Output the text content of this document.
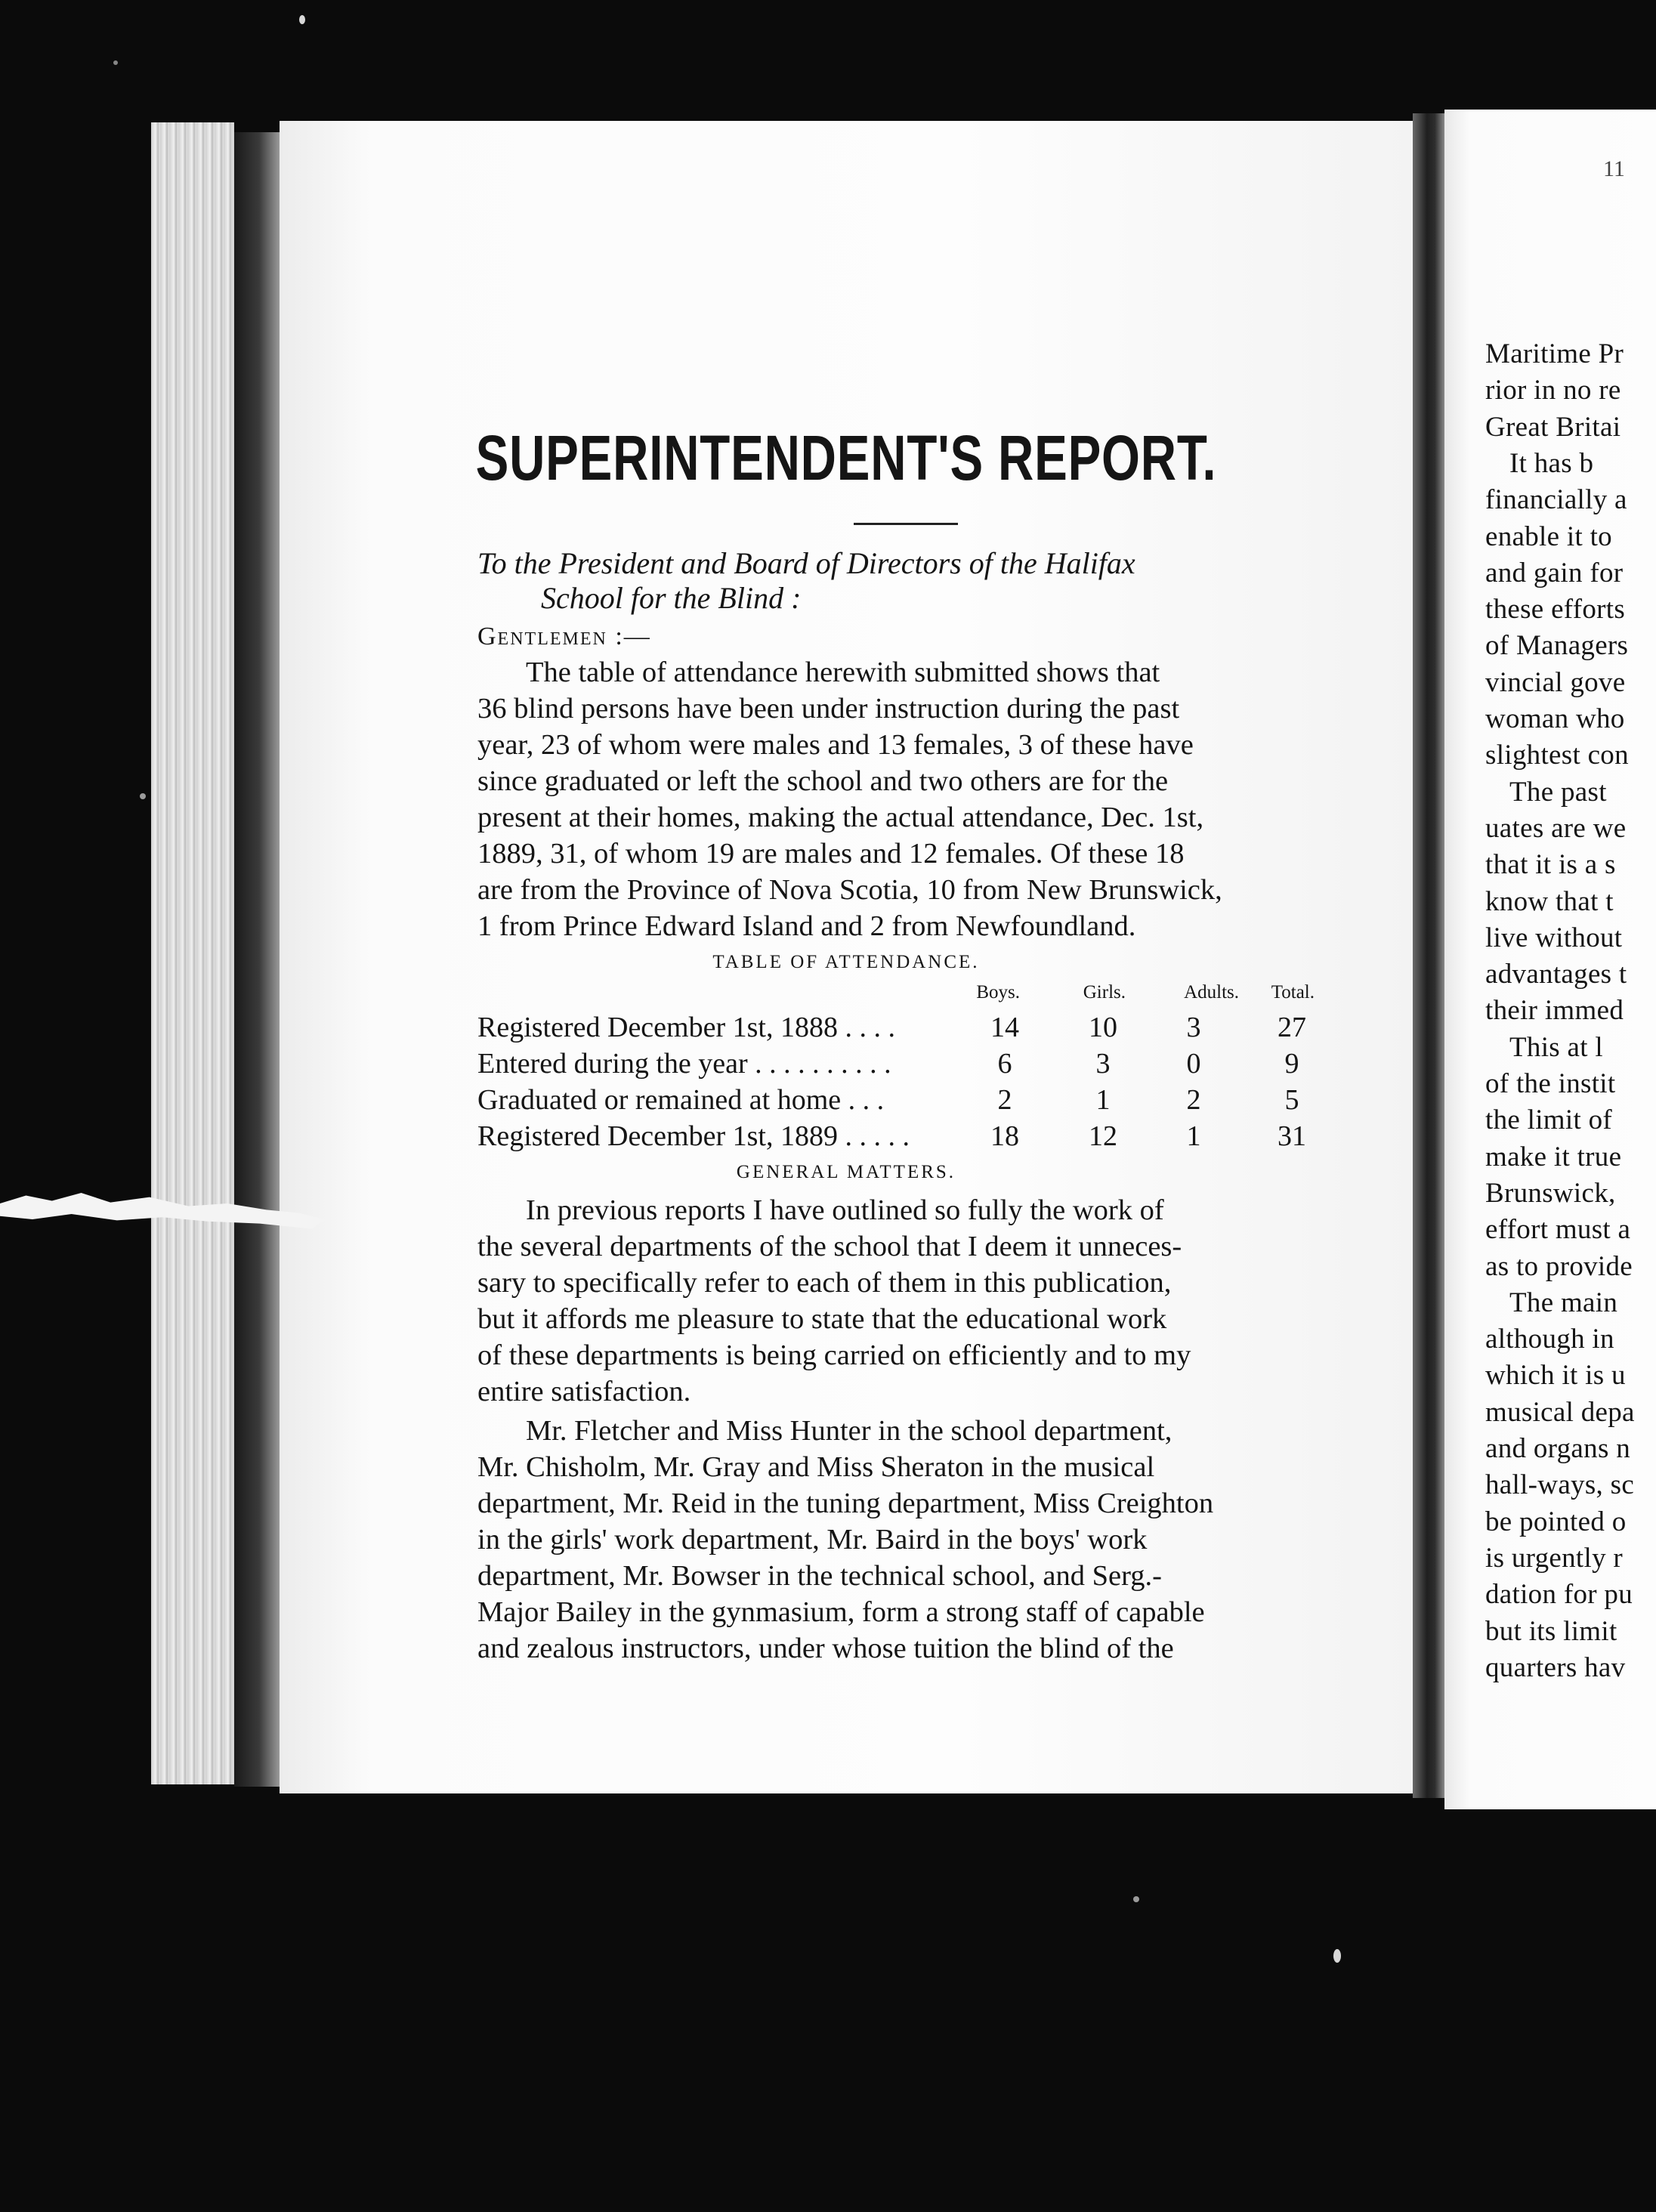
SUPERINTENDENT'S REPORT.
To the President and Board of Directors of the Halifax
School for the Blind :
Gentlemen :—
The table of attendance herewith submitted shows that
36 blind persons have been under instruction during the past
year, 23 of whom were males and 13 females, 3 of these have
since graduated or left the school and two others are for the
present at their homes, making the actual attendance, Dec. 1st,
1889, 31, of whom 19 are males and 12 females. Of these 18
are from the Province of Nova Scotia, 10 from New Brunswick,
1 from Prince Edward Island and 2 from Newfoundland.
TABLE OF ATTENDANCE.
Boys.	Girls.	Adults.	Total.
Registered December 1st, 1888 . . . .	14	10	3	27
Entered during the year . . . . . . . . . .	6	3	0	9
Graduated or remained at home . . .	2	1	2	5
Registered December 1st, 1889 . . . . .	18	12	1	31
GENERAL MATTERS.
In previous reports I have outlined so fully the work of
the several departments of the school that I deem it unneces-
sary to specifically refer to each of them in this publication,
but it affords me pleasure to state that the educational work
of these departments is being carried on efficiently and to my
entire satisfaction.
Mr. Fletcher and Miss Hunter in the school department,
Mr. Chisholm, Mr. Gray and Miss Sheraton in the musical
department, Mr. Reid in the tuning department, Miss Creighton
in the girls' work department, Mr. Baird in the boys' work
department, Mr. Bowser in the technical school, and Serg.-
Major Bailey in the gynmasium, form a strong staff of capable
and zealous instructors, under whose tuition the blind of the
11
Maritime Pr
rior in no re
Great Britai
It has b
financially a
enable it to
and gain for
these efforts
of Managers
vincial gove
woman who
slightest con
The past
uates are we
that it is a s
know that t
live without
advantages t
their immed
This at l
of the instit
the limit of
make it true
Brunswick,
effort must a
as to provide
The main
although in
which it is u
musical depa
and organs n
hall-ways, sc
be pointed o
is urgently r
dation for pu
but its limit
quarters hav
